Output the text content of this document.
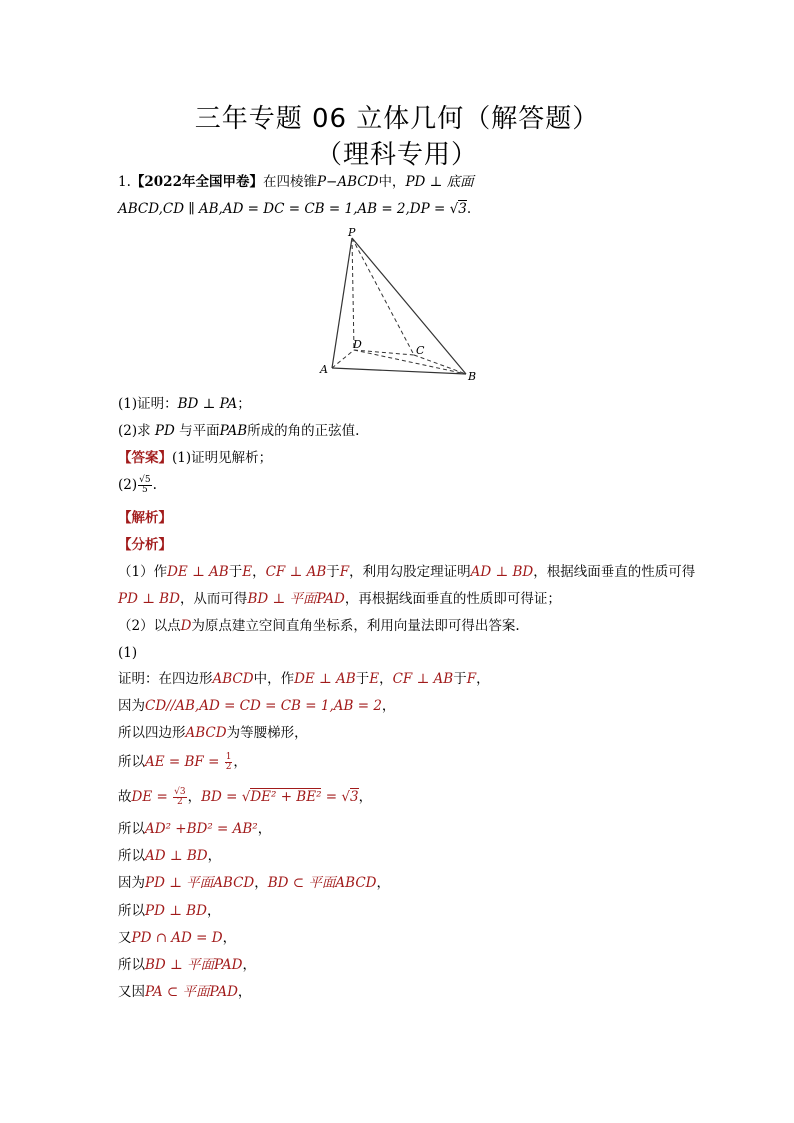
三年专题 06 立体几何（解答题）
（理科专用）
1.【2022年全国甲卷】在四棱锥P−ABCD中，PD ⊥ 底面
ABCD,CD ∥ AB,AD = DC = CB = 1,AB = 2,DP = √3.
P
A
B
C
D
(1)证明：BD ⊥ PA；
(2)求 PD 与平面PAB所成的角的正弦值.
【答案】(1)证明见解析；
$(2) \frac{√5}{5}$ .
【解析】
【分析】
（1）作DE ⊥ AB于E，CF ⊥ AB于F，利用勾股定理证明AD ⊥ BD，根据线面垂直的性质可得
PD ⊥ BD，从而可得BD ⊥ 平面PAD，再根据线面垂直的性质即可得证；
（2）以点D为原点建立空间直角坐标系，利用向量法即可得出答案.
(1)
证明：在四边形ABCD中，作DE ⊥ AB于E，CF ⊥ AB于F，
因为CD//AB,AD = CD = CB = 1,AB = 2，
所以四边形ABCD为等腰梯形，
所以AE = BF = $\frac{1}{2}$ ，
故DE = $\frac{√3}{2}$ ，BD = √DE² + BE² = √3，
所以AD² +BD² = AB²，
所以AD ⊥ BD，
因为PD ⊥ 平面ABCD，BD ⊂ 平面ABCD，
所以PD ⊥ BD，
又PD ∩ AD = D，
所以BD ⊥ 平面PAD，
又因PA ⊂ 平面PAD，
